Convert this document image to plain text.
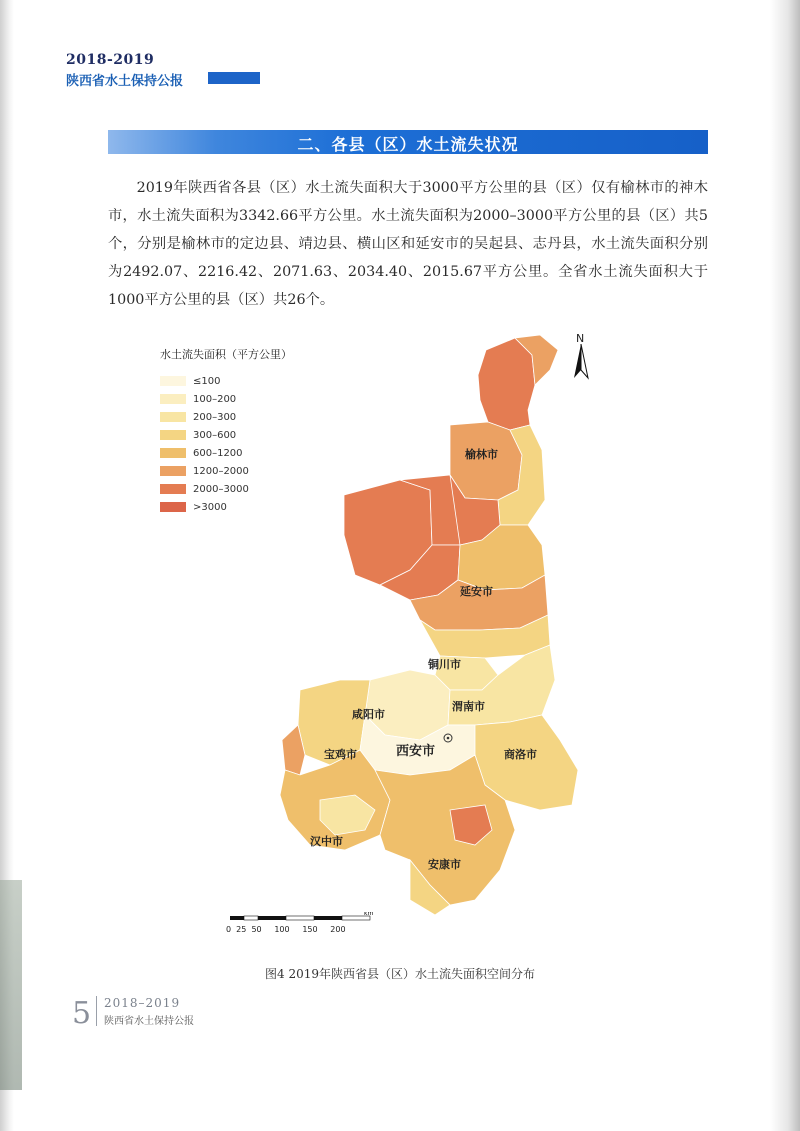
2018-2019
陕西省水土保持公报
二、各县（区）水土流失状况
2019年陕西省各县（区）水土流失面积大于3000平方公里的县（区）仅有榆林市的神木市，水土流失面积为3342.66平方公里。水土流失面积为2000–3000平方公里的县（区）共5个，分别是榆林市的定边县、靖边县、横山区和延安市的吴起县、志丹县，水土流失面积分别为2492.07、2216.42、2071.63、2034.40、2015.67平方公里。全省水土流失面积大于1000平方公里的县（区）共26个。
水土流失面积（平方公里）
≤100
100–200
200–300
300–600
600–1200
1200–2000
2000–3000
>3000
N
榆林市
延安市
铜川市
咸阳市
渭南市
宝鸡市	西安市	商洛市
汉中市
安康市
km
0  25  50     100     150     200
图4 2019年陕西省县（区）水土流失面积空间分布
5 2018–2019
陕西省水土保持公报
